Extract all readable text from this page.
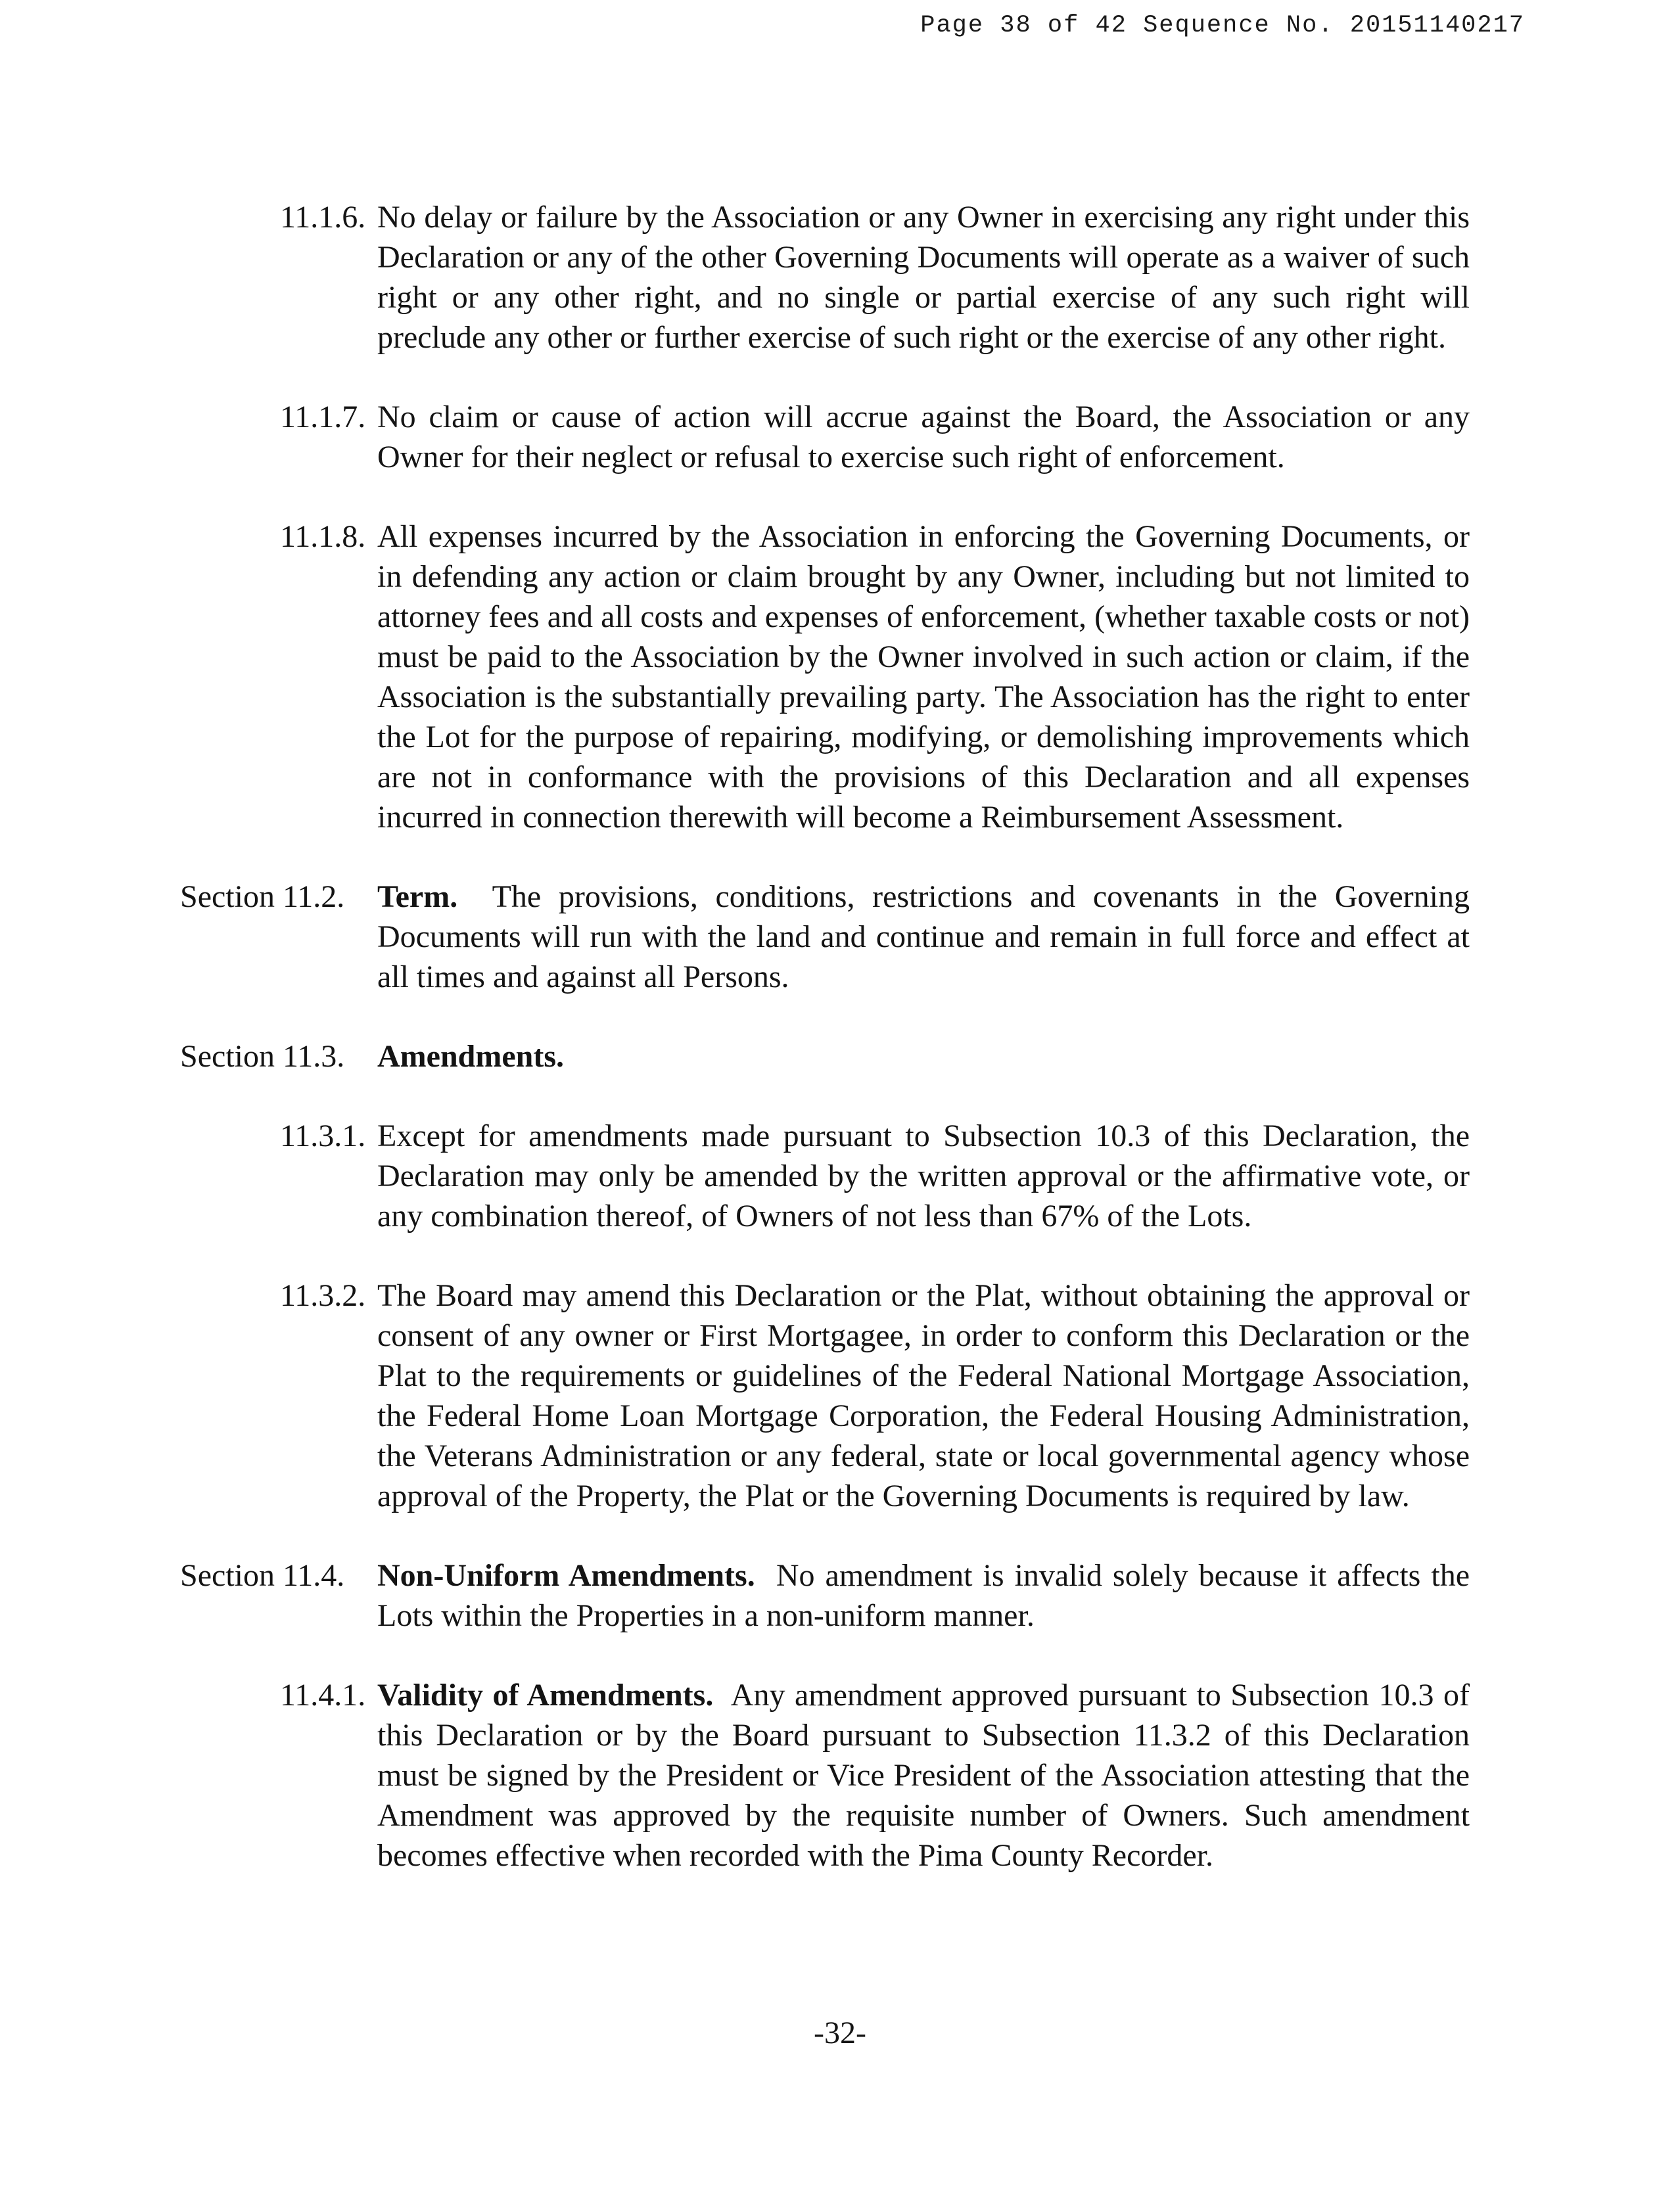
Page 38 of 42 Sequence No. 20151140217
11.1.6. No delay or failure by the Association or any Owner in exercising any right under this Declaration or any of the other Governing Documents will operate as a waiver of such right or any other right, and no single or partial exercise of any such right will preclude any other or further exercise of such right or the exercise of any other right.
11.1.7. No claim or cause of action will accrue against the Board, the Association or any Owner for their neglect or refusal to exercise such right of enforcement.
11.1.8. All expenses incurred by the Association in enforcing the Governing Documents, or in defending any action or claim brought by any Owner, including but not limited to attorney fees and all costs and expenses of enforcement, (whether taxable costs or not) must be paid to the Association by the Owner involved in such action or claim, if the Association is the substantially prevailing party. The Association has the right to enter the Lot for the purpose of repairing, modifying, or demolishing improvements which are not in conformance with the provisions of this Declaration and all expenses incurred in connection therewith will become a Reimbursement Assessment.
Section 11.2. Term. The provisions, conditions, restrictions and covenants in the Governing Documents will run with the land and continue and remain in full force and effect at all times and against all Persons.
Section 11.3. Amendments.
11.3.1. Except for amendments made pursuant to Subsection 10.3 of this Declaration, the Declaration may only be amended by the written approval or the affirmative vote, or any combination thereof, of Owners of not less than 67% of the Lots.
11.3.2. The Board may amend this Declaration or the Plat, without obtaining the approval or consent of any owner or First Mortgagee, in order to conform this Declaration or the Plat to the requirements or guidelines of the Federal National Mortgage Association, the Federal Home Loan Mortgage Corporation, the Federal Housing Administration, the Veterans Administration or any federal, state or local governmental agency whose approval of the Property, the Plat or the Governing Documents is required by law.
Section 11.4. Non-Uniform Amendments. No amendment is invalid solely because it affects the Lots within the Properties in a non-uniform manner.
11.4.1. Validity of Amendments. Any amendment approved pursuant to Subsection 10.3 of this Declaration or by the Board pursuant to Subsection 11.3.2 of this Declaration must be signed by the President or Vice President of the Association attesting that the Amendment was approved by the requisite number of Owners. Such amendment becomes effective when recorded with the Pima County Recorder.
-32-
